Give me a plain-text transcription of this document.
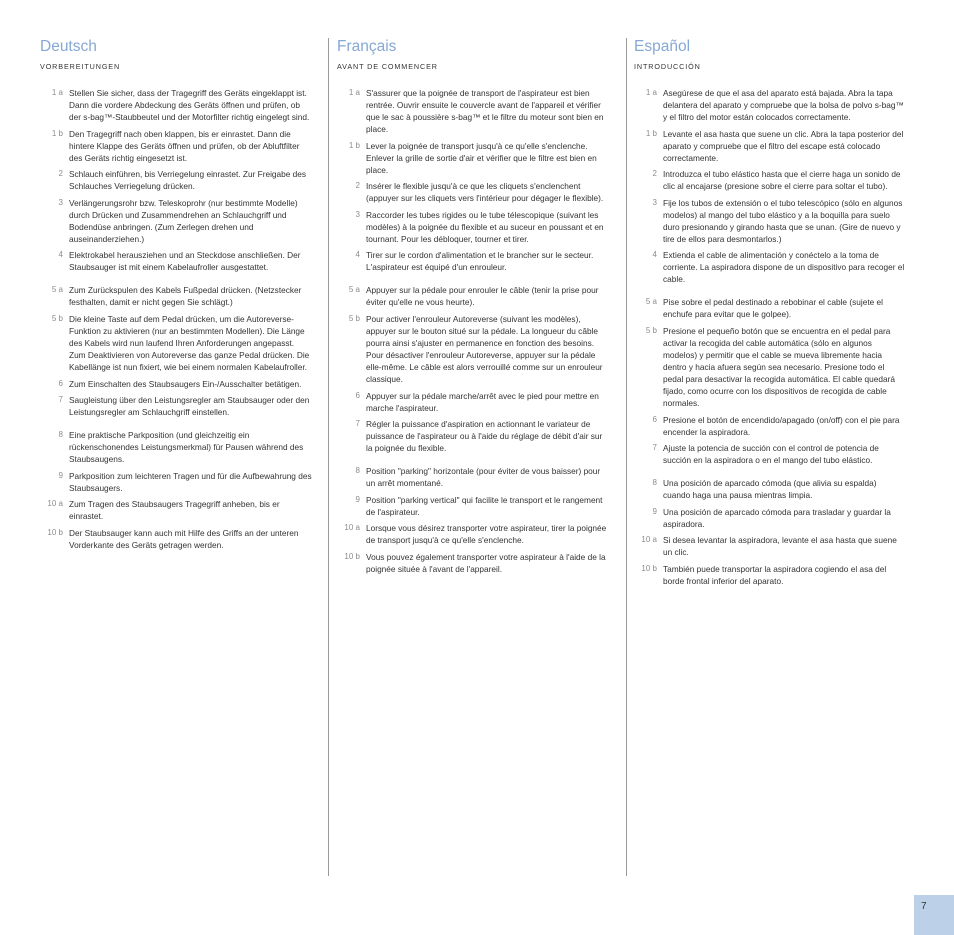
Deutsch
VORBEREITUNGEN
1 a Stellen Sie sicher, dass der Tragegriff des Geräts eingeklappt ist. Dann die vordere Abdeckung des Geräts öffnen und prüfen, ob der s-bag™-Staubbeutel und der Motorfilter richtig eingelegt sind.
1 b Den Tragegriff nach oben klappen, bis er einrastet. Dann die hintere Klappe des Geräts öffnen und prüfen, ob der Abluftfilter des Geräts richtig eingesetzt ist.
2 Schlauch einführen, bis Verriegelung einrastet. Zur Freigabe des Schlauches Verriegelung drücken.
3 Verlängerungsrohr bzw. Teleskoprohr (nur bestimmte Modelle) durch Drücken und Zusammendrehen an Schlauchgriff und Bodendüse anbringen. (Zum Zerlegen drehen und auseinanderziehen.)
4 Elektrokabel herausziehen und an Steckdose anschließen. Der Staubsauger ist mit einem Kabelaufroller ausgestattet.
5 a Zum Zurückspulen des Kabels Fußpedal drücken. (Netzstecker festhalten, damit er nicht gegen Sie schlägt.)
5 b Die kleine Taste auf dem Pedal drücken, um die Autoreverse-Funktion zu aktivieren (nur an bestimmten Modellen). Die Länge des Kabels wird nun laufend Ihren Anforderungen angepasst. Zum Deaktivieren von Autoreverse das ganze Pedal drücken. Die Kabellänge ist nun fixiert, wie bei einem normalen Kabelaufroller.
6 Zum Einschalten des Staubsaugers Ein-/Ausschalter betätigen.
7 Saugleistung über den Leistungsregler am Staubsauger oder den Leistungsregler am Schlauchgriff einstellen.
8 Eine praktische Parkposition (und gleichzeitig ein rückenschonendes Leistungsmerkmal) für Pausen während des Staubsaugens.
9 Parkposition zum leichteren Tragen und für die Aufbewahrung des Staubsaugers.
10 a Zum Tragen des Staubsaugers Tragegriff anheben, bis er einrastet.
10 b Der Staubsauger kann auch mit Hilfe des Griffs an der unteren Vorderkante des Geräts getragen werden.
Français
AVANT DE COMMENCER
1 a S'assurer que la poignée de transport de l'aspirateur est bien rentrée. Ouvrir ensuite le couvercle avant de l'appareil et vérifier que le sac à poussière s-bag™ et le filtre du moteur sont bien en place.
1 b Lever la poignée de transport jusqu'à ce qu'elle s'enclenche. Enlever la grille de sortie d'air et vérifier que le filtre est bien en place.
2 Insérer le flexible jusqu'à ce que les cliquets s'enclenchent (appuyer sur les cliquets vers l'intérieur pour dégager le flexible).
3 Raccorder les tubes rigides ou le tube télescopique (suivant les modèles) à la poignée du flexible et au suceur en poussant et en tournant. Pour les débloquer, tourner et tirer.
4 Tirer sur le cordon d'alimentation et le brancher sur le secteur. L'aspirateur est équipé d'un enrouleur.
5 a Appuyer sur la pédale pour enrouler le câble (tenir la prise pour éviter qu'elle ne vous heurte).
5 b Pour activer l'enrouleur Autoreverse (suivant les modèles), appuyer sur le bouton situé sur la pédale. La longueur du câble pourra ainsi s'ajuster en permanence en fonction des besoins. Pour désactiver l'enrouleur Autoreverse, appuyer sur la pédale elle-même. Le câble est alors verrouillé comme sur un enrouleur classique.
6 Appuyer sur la pédale marche/arrêt avec le pied pour mettre en marche l'aspirateur.
7 Régler la puissance d'aspiration en actionnant le variateur de puissance de l'aspirateur ou à l'aide du réglage de débit d'air sur la poignée du flexible.
8 Position "parking" horizontale (pour éviter de vous baisser) pour un arrêt momentané.
9 Position "parking vertical" qui facilite le transport et le rangement de l'aspirateur.
10 a Lorsque vous désirez transporter votre aspirateur, tirer la poignée de transport jusqu'à ce qu'elle s'enclenche.
10 b Vous pouvez également transporter votre aspirateur à l'aide de la poignée située à l'avant de l'appareil.
Español
INTRODUCCIÓN
1 a Asegúrese de que el asa del aparato está bajada. Abra la tapa delantera del aparato y compruebe que la bolsa de polvo s-bag™ y el filtro del motor están colocados correctamente.
1 b Levante el asa hasta que suene un clic. Abra la tapa posterior del aparato y compruebe que el filtro del escape está colocado correctamente.
2 Introduzca el tubo elástico hasta que el cierre haga un sonido de clic al encajarse (presione sobre el cierre para soltar el tubo).
3 Fije los tubos de extensión o el tubo telescópico (sólo en algunos modelos) al mango del tubo elástico y a la boquilla para suelo duro presionando y girando hasta que se unan. (Gire de nuevo y tire de ellos para desmontarlos.)
4 Extienda el cable de alimentación y conéctelo a la toma de corriente. La aspiradora dispone de un dispositivo para recoger el cable.
5 a Pise sobre el pedal destinado a rebobinar el cable (sujete el enchufe para evitar que le golpee).
5 b Presione el pequeño botón que se encuentra en el pedal para activar la recogida del cable automática (sólo en algunos modelos) y permitir que el cable se mueva libremente hacia dentro y hacia afuera según sea necesario. Presione todo el pedal para desactivar la recogida automática. El cable quedará fijado, como ocurre con los dispositivos de recogida de cable normales.
6 Presione el botón de encendido/apagado (on/off) con el pie para encender la aspiradora.
7 Ajuste la potencia de succión con el control de potencia de succión en la aspiradora o en el mango del tubo elástico.
8 Una posición de aparcado cómoda (que alivia su espalda) cuando haga una pausa mientras limpia.
9 Una posición de aparcado cómoda para trasladar y guardar la aspiradora.
10 a Si desea levantar la aspiradora, levante el asa hasta que suene un clic.
10 b También puede transportar la aspiradora cogiendo el asa del borde frontal inferior del aparato.
7
